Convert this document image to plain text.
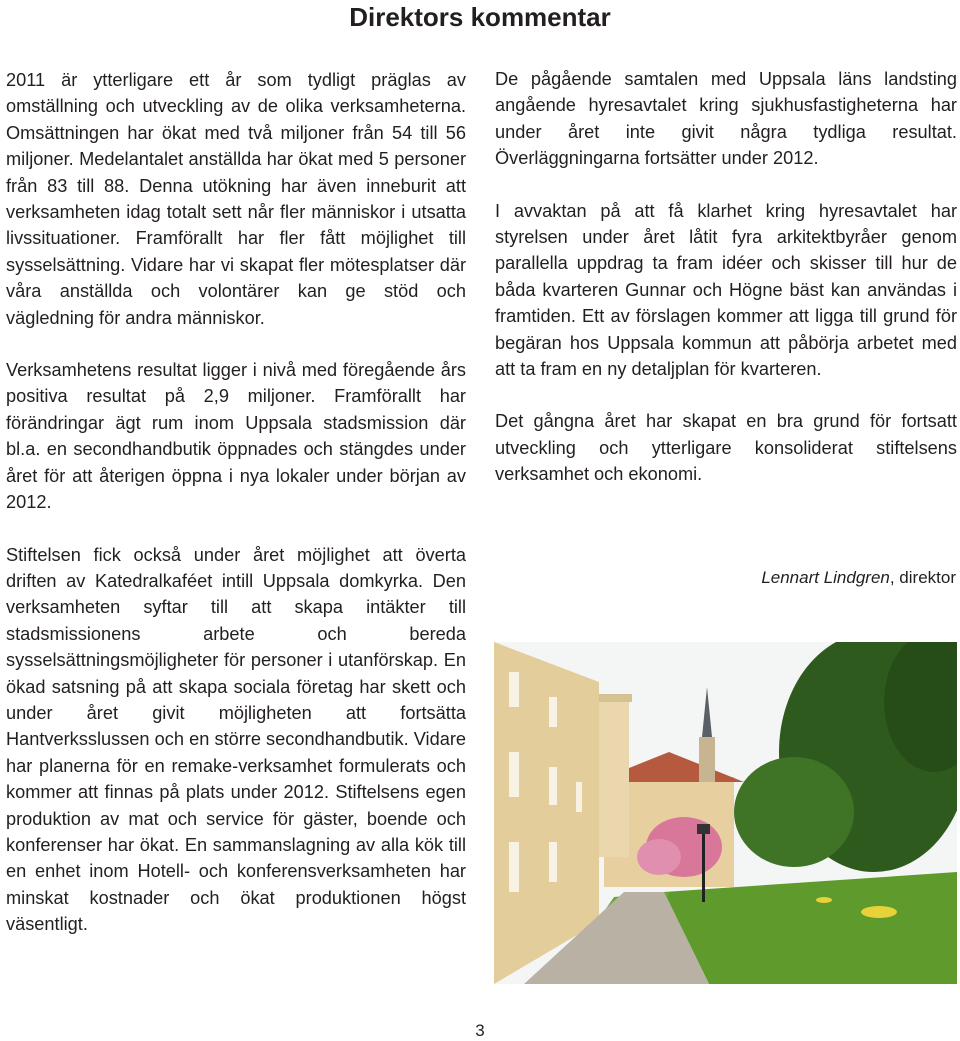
Direktors kommentar

2011 är ytterligare ett år som tydligt präglas av omställning och utveckling av de olika verksamheterna. Omsättningen har ökat med två miljoner från 54 till 56 miljoner. Medelantalet anställda har ökat med 5 personer från 83 till 88. Denna utökning har även inneburit att verksamheten idag totalt sett når fler människor i utsatta livssituationer. Framförallt har fler fått möjlighet till sysselsättning. Vidare har vi skapat fler mötesplatser där våra anställda och volontärer kan ge stöd och vägledning för andra människor.

Verksamhetens resultat ligger i nivå med föregående års positiva resultat på 2,9 miljoner. Framförallt har förändringar ägt rum inom Uppsala stadsmission där bl.a. en secondhandbutik öppnades och stängdes under året för att återigen öppna i nya lokaler under början av 2012.

Stiftelsen fick också under året möjlighet att överta driften av Katedralkaféet intill Uppsala domkyrka. Den verksamheten syftar till att skapa intäkter till stadsmissionens arbete och bereda sysselsättningsmöjligheter för personer i utanförskap. En ökad satsning på att skapa sociala företag har skett och under året givit möjligheten att fortsätta Hantverksslussen och en större secondhandbutik. Vidare har planerna för en remake-verksamhet formulerats och kommer att finnas på plats under 2012. Stiftelsens egen produktion av mat och service för gäster, boende och konferenser har ökat. En sammanslagning av alla kök till en enhet inom Hotell- och konferensverksamheten har minskat kostnader och ökat produktionen högst väsentligt.

De pågående samtalen med Uppsala läns landsting angående hyresavtalet kring sjukhusfastigheterna har under året inte givit några tydliga resultat. Överläggningarna fortsätter under 2012.

I avvaktan på att få klarhet kring hyresavtalet har styrelsen under året låtit fyra arkitektbyråer genom parallella uppdrag ta fram idéer och skisser till hur de båda kvarteren Gunnar och Högne bäst kan användas i framtiden. Ett av förslagen kommer att ligga till grund för begäran hos Uppsala kommun att påbörja arbetet med att ta fram en ny detaljplan för kvarteren.

Det gångna året har skapat en bra grund för fortsatt utveckling och ytterligare konsoliderat stiftelsens verksamhet och ekonomi.

Lennart Lindgren, direktor
3
